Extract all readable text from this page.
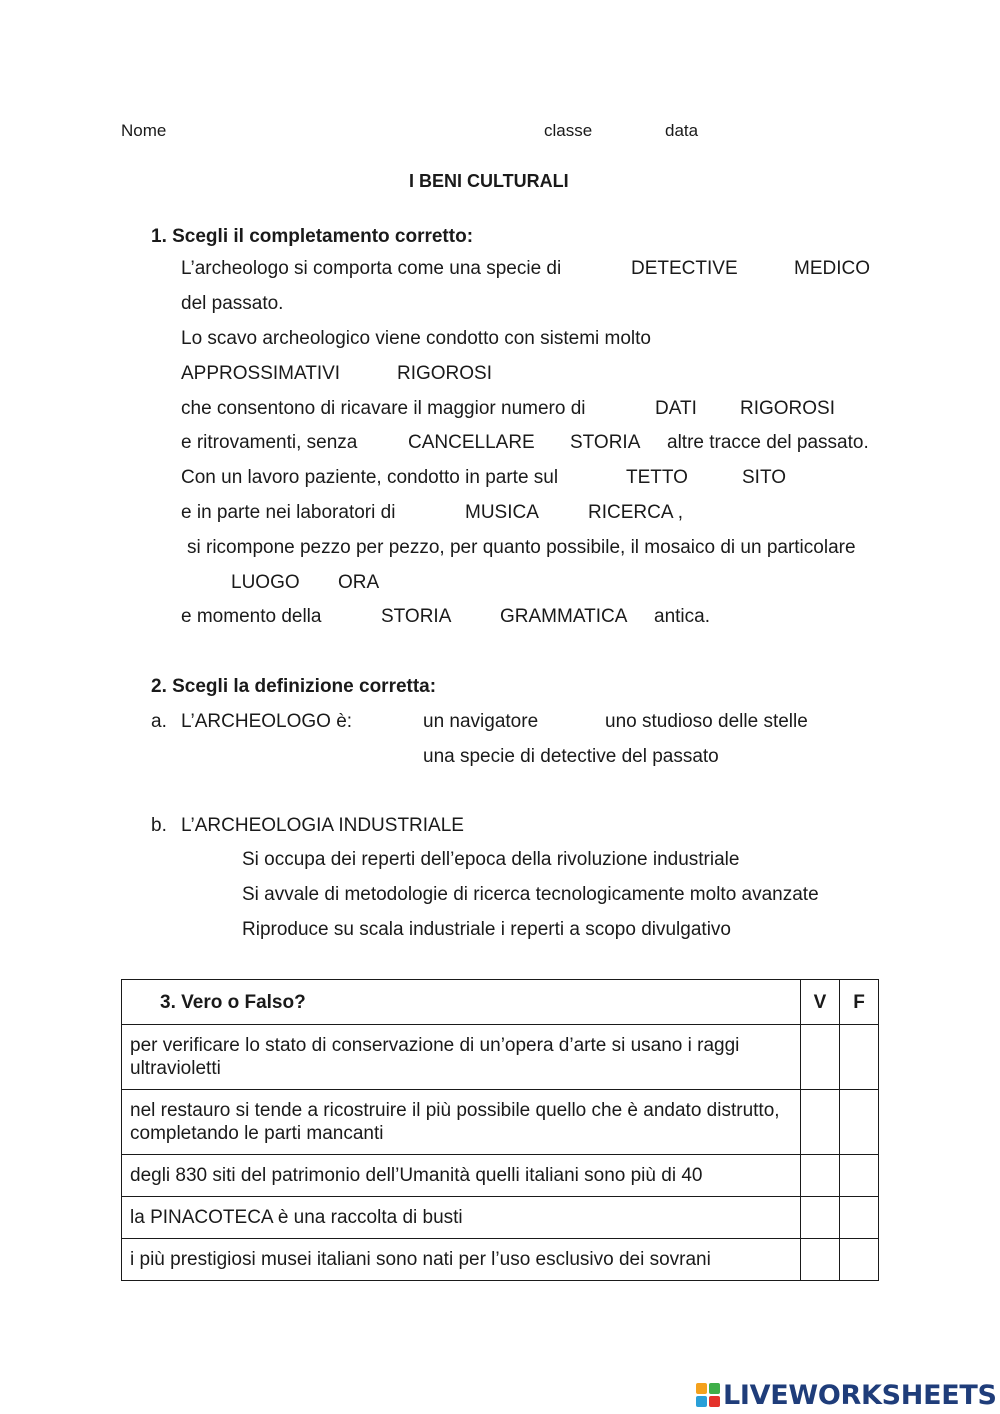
Nome	classe	data
I BENI CULTURALI
1. Scegli il completamento corretto:
L’archeologo si comporta come una specie di	DETECTIVE	MEDICO
del passato.
Lo scavo archeologico viene condotto con sistemi molto
APPROSSIMATIVI	RIGOROSI
che consentono di ricavare il maggior numero di	DATI RIGOROSI
e ritrovamenti, senza	CANCELLARE STORIA altre tracce del passato.
Con un lavoro paziente, condotto in parte sul	TETTO	SITO
e in parte nei laboratori di	MUSICA	RICERCA ,
si ricompone pezzo per pezzo, per quanto possibile, il mosaico di un particolare
LUOGO ORA
e momento della	STORIA	GRAMMATICA antica.
2. Scegli la definizione corretta:
a. L’ARCHEOLOGO è:	un navigatore	uno studioso delle stelle
una specie di detective del passato
b. L’ARCHEOLOGIA INDUSTRIALE
Si occupa dei reperti dell’epoca della rivoluzione industriale
Si avvale di metodologie di ricerca tecnologicamente molto avanzate
Riproduce su scala industriale i reperti a scopo divulgativo
3. Vero o Falso?	V	F
per verificare lo stato di conservazione di un’opera d’arte si usano i raggi ultravioletti		
nel restauro si tende a ricostruire il più possibile quello che è andato distrutto, completando le parti mancanti		
degli 830 siti del patrimonio dell’Umanità quelli italiani sono più di 40		
la PINACOTECA è una raccolta di busti		
i più prestigiosi musei italiani sono nati per l’uso esclusivo dei sovrani		
LIVEWORKSHEETS
